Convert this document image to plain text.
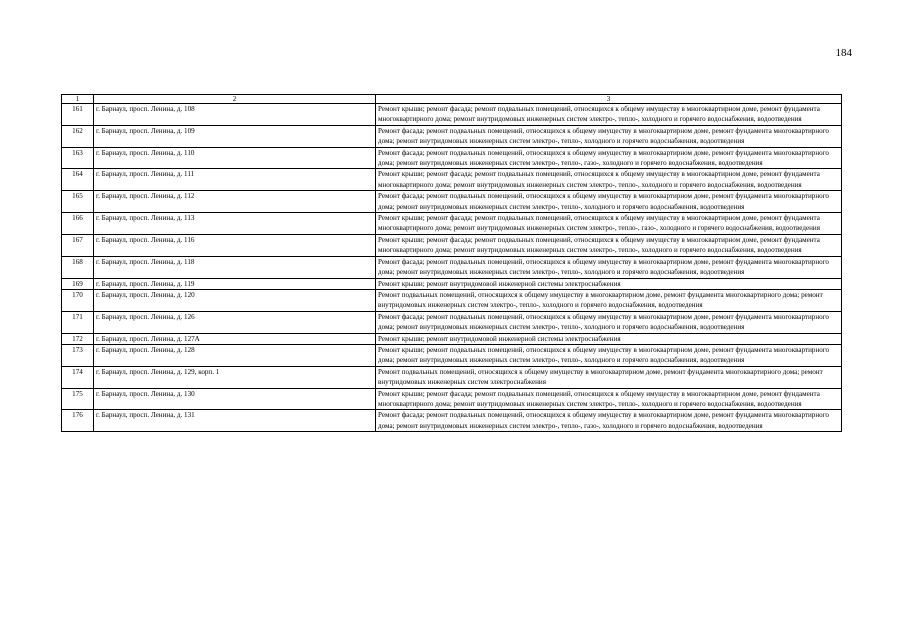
184
1	2	3
161	г. Барнаул, просп. Ленина, д. 108	Ремонт крыши; ремонт фасада; ремонт подвальных помещений, относящихся к общему имуществу в многоквартирном доме, ремонт фундамента многоквартирного дома; ремонт внутридомовых инженерных систем электро-, тепло-, холодного и горячего водоснабжения, водоотведения
162	г. Барнаул, просп. Ленина, д. 109	Ремонт фасада; ремонт подвальных помещений, относящихся к общему имуществу в многоквартирном доме, ремонт фундамента многоквартирного дома; ремонт внутридомовых инженерных систем электро-, тепло-, холодного и горячего водоснабжения, водоотведения
163	г. Барнаул, просп. Ленина, д. 110	Ремонт фасада; ремонт подвальных помещений, относящихся к общему имуществу в многоквартирном доме, ремонт фундамента многоквартирного дома; ремонт внутридомовых инженерных систем электро-, тепло-, газо-, холодного и горячего водоснабжения, водоотведения
164	г. Барнаул, просп. Ленина, д. 111	Ремонт крыши; ремонт фасада; ремонт подвальных помещений, относящихся к общему имуществу в многоквартирном доме, ремонт фундамента многоквартирного дома; ремонт внутридомовых инженерных систем электро-, тепло-, холодного и горячего водоснабжения, водоотведения
165	г. Барнаул, просп. Ленина, д. 112	Ремонт фасада; ремонт подвальных помещений, относящихся к общему имуществу в многоквартирном доме, ремонт фундамента многоквартирного дома; ремонт внутридомовых инженерных систем электро-, тепло-, холодного и горячего водоснабжения, водоотведения
166	г. Барнаул, просп. Ленина, д. 113	Ремонт крыши; ремонт фасада; ремонт подвальных помещений, относящихся к общему имуществу в многоквартирном доме, ремонт фундамента многоквартирного дома; ремонт внутридомовых инженерных систем электро-, тепло-, газо-, холодного и горячего водоснабжения, водоотведения
167	г. Барнаул, просп. Ленина, д. 116	Ремонт крыши; ремонт фасада; ремонт подвальных помещений, относящихся к общему имуществу в многоквартирном доме, ремонт фундамента многоквартирного дома; ремонт внутридомовых инженерных систем электро-, тепло-, холодного и горячего водоснабжения, водоотведения
168	г. Барнаул, просп. Ленина, д. 118	Ремонт фасада; ремонт подвальных помещений, относящихся к общему имуществу в многоквартирном доме, ремонт фундамента многоквартирного дома; ремонт внутридомовых инженерных систем электро-, тепло-, холодного и горячего водоснабжения, водоотведения
169	г. Барнаул, просп. Ленина, д. 119	Ремонт крыши; ремонт внутридомовой инженерной системы электроснабжения
170	г. Барнаул, просп. Ленина, д. 120	Ремонт подвальных помещений, относящихся к общему имуществу в многоквартирном доме, ремонт фундамента многоквартирного дома; ремонт внутридомовых инженерных систем электро-, тепло-, холодного и горячего водоснабжения, водоотведения
171	г. Барнаул, просп. Ленина, д. 126	Ремонт фасада; ремонт подвальных помещений, относящихся к общему имуществу в многоквартирном доме, ремонт фундамента многоквартирного дома; ремонт внутридомовых инженерных систем электро-, тепло-, холодного и горячего водоснабжения, водоотведения
172	г. Барнаул, просп. Ленина, д. 127А	Ремонт крыши; ремонт внутридомовой инженерной системы электроснабжения
173	г. Барнаул, просп. Ленина, д. 128	Ремонт крыши; ремонт подвальных помещений, относящихся к общему имуществу в многоквартирном доме, ремонт фундамента многоквартирного дома; ремонт внутридомовых инженерных систем электро-, тепло-, холодного и горячего водоснабжения, водоотведения
174	г. Барнаул, просп. Ленина, д. 129, корп. 1	Ремонт подвальных помещений, относящихся к общему имуществу в многоквартирном доме, ремонт фундамента многоквартирного дома; ремонт внутридомовых инженерных систем электроснабжения
175	г. Барнаул, просп. Ленина, д. 130	Ремонт крыши; ремонт фасада; ремонт подвальных помещений, относящихся к общему имуществу в многоквартирном доме, ремонт фундамента многоквартирного дома; ремонт внутридомовых инженерных систем электро-, тепло-, холодного и горячего водоснабжения, водоотведения
176	г. Барнаул, просп. Ленина, д. 131	Ремонт фасада; ремонт подвальных помещений, относящихся к общему имуществу в многоквартирном доме, ремонт фундамента многоквартирного дома; ремонт внутридомовых инженерных систем электро-, тепло-, газо-, холодного и горячего водоснабжения, водоотведения
